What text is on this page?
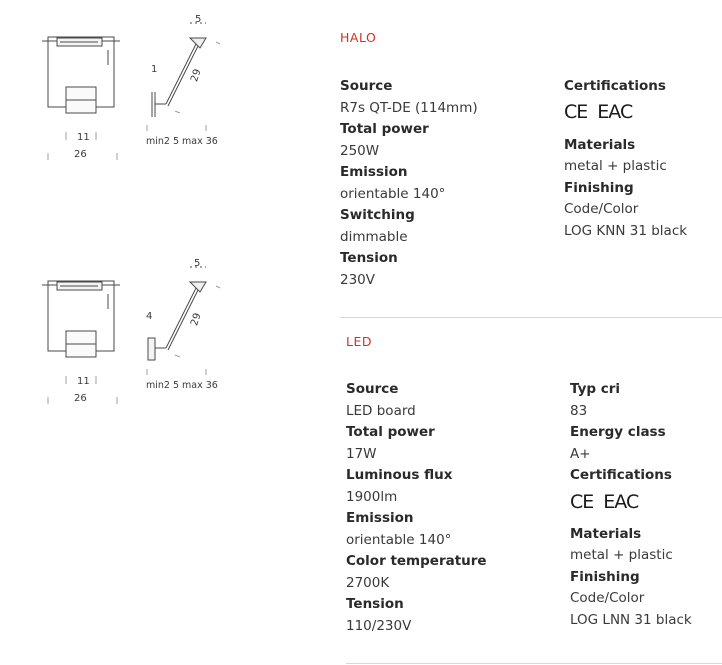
11
26
5
29
1
min2 5 max 36
11
26
5
29
4
min2 5 max 36
HALO
Source
R7s QT-DE (114mm)
Total power
250W
Emission
orientable 140°
Switching
dimmable
Tension
230V
Certifications
CE EAC
Materials
metal + plastic
Finishing
Code/Color
LOG KNN 31 black
LED
Source
LED board
Total power
17W
Luminous flux
1900lm
Emission
orientable 140°
Color temperature
2700K
Tension
110/230V
Typ cri
83
Energy class
A+
Certifications
CE EAC
Materials
metal + plastic
Finishing
Code/Color
LOG LNN 31 black
